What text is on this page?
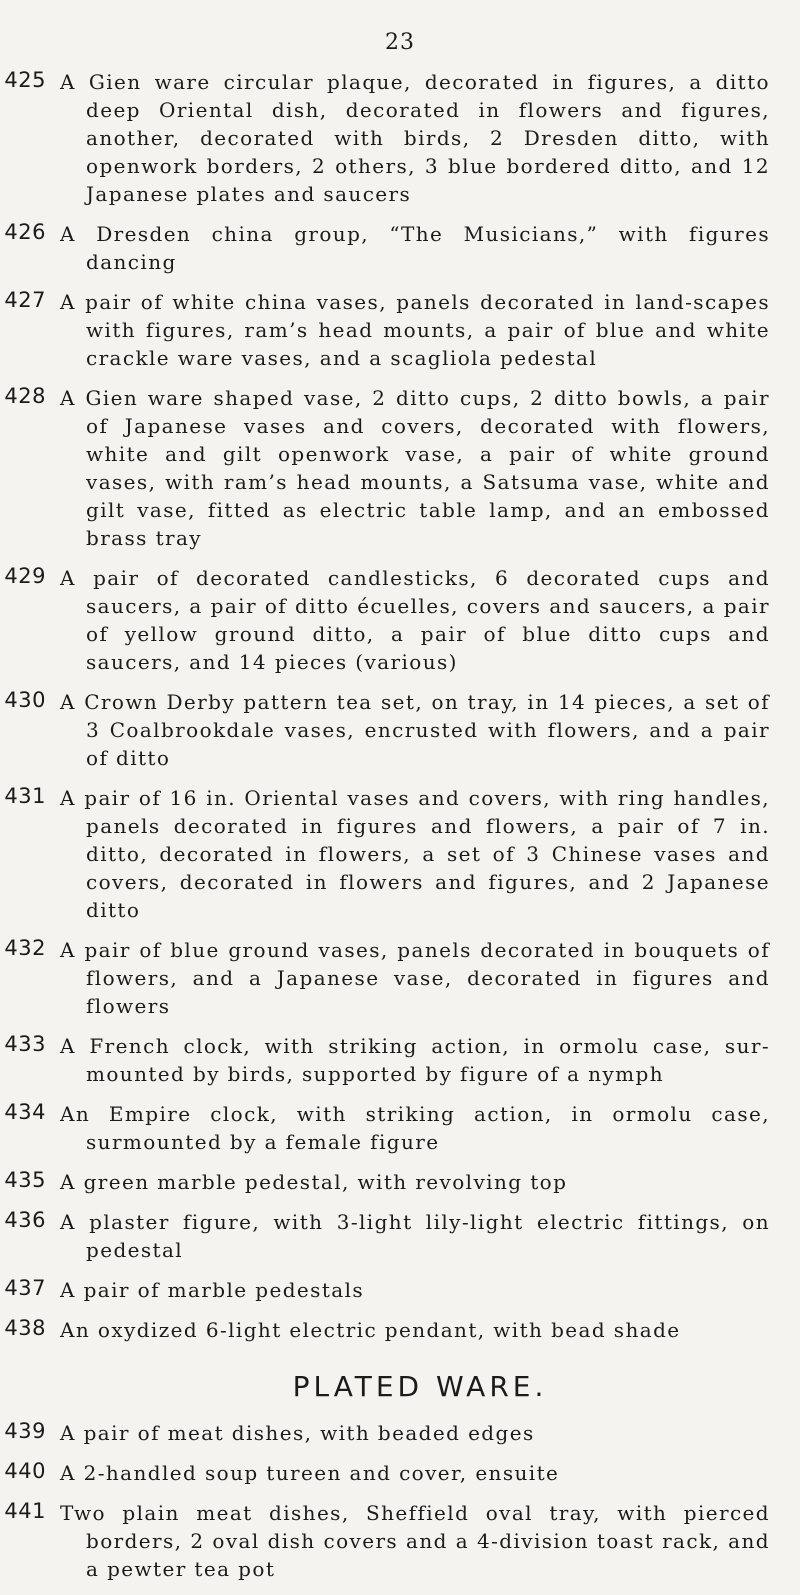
23
425 A Gien ware circular plaque, decorated in figures, a ditto deep Oriental dish, decorated in flowers and figures, another, decorated with birds, 2 Dresden ditto, with openwork borders, 2 others, 3 blue bordered ditto, and 12 Japanese plates and saucers

426 A Dresden china group, “The Musicians,” with figures dancing

427 A pair of white china vases, panels decorated in land-scapes with figures, ram’s head mounts, a pair of blue and white crackle ware vases, and a scagliola pedestal

428 A Gien ware shaped vase, 2 ditto cups, 2 ditto bowls, a pair of Japanese vases and covers, decorated with flowers, white and gilt openwork vase, a pair of white ground vases, with ram’s head mounts, a Satsuma vase, white and gilt vase, fitted as electric table lamp, and an embossed brass tray

429 A pair of decorated candlesticks, 6 decorated cups and saucers, a pair of ditto écuelles, covers and saucers, a pair of yellow ground ditto, a pair of blue ditto cups and saucers, and 14 pieces (various)

430 A Crown Derby pattern tea set, on tray, in 14 pieces, a set of 3 Coalbrookdale vases, encrusted with flowers, and a pair of ditto

431 A pair of 16 in. Oriental vases and covers, with ring handles, panels decorated in figures and flowers, a pair of 7 in. ditto, decorated in flowers, a set of 3 Chinese vases and covers, decorated in flowers and figures, and 2 Japanese ditto

432 A pair of blue ground vases, panels decorated in bouquets of flowers, and a Japanese vase, decorated in figures and flowers

433 A French clock, with striking action, in ormolu case, sur-mounted by birds, supported by figure of a nymph

434 An Empire clock, with striking action, in ormolu case, surmounted by a female figure

435 A green marble pedestal, with revolving top

436 A plaster figure, with 3-light lily-light electric fittings, on pedestal

437 A pair of marble pedestals

438 An oxydized 6-light electric pendant, with bead shade

PLATED WARE.
439 A pair of meat dishes, with beaded edges

440 A 2-handled soup tureen and cover, ensuite

441 Two plain meat dishes, Sheffield oval tray, with pierced borders, 2 oval dish covers and a 4-division toast rack, and a pewter tea pot
